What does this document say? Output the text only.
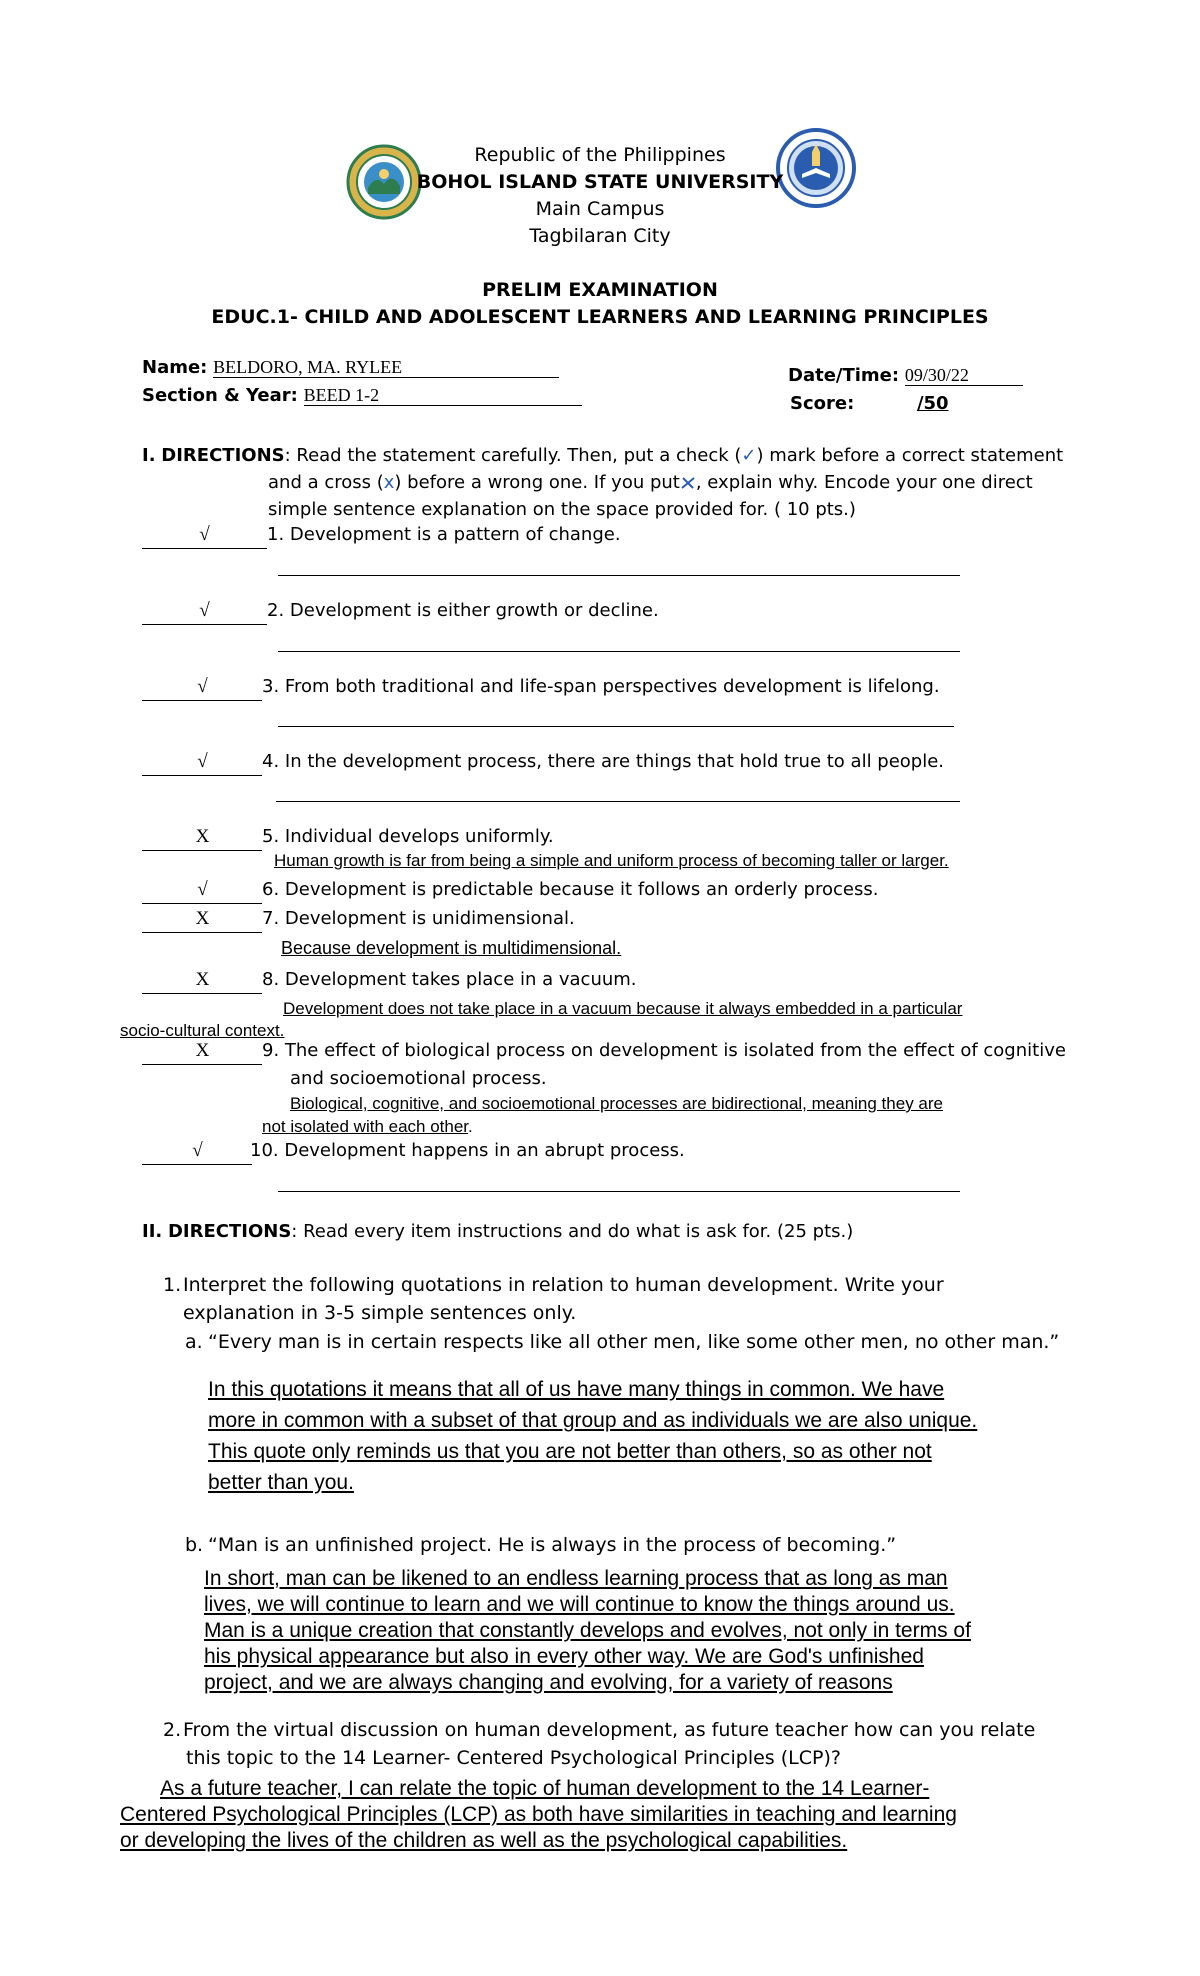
Republic of the Philippines
BOHOL ISLAND STATE UNIVERSITY
Main Campus
Tagbilaran City
PRELIM EXAMINATION
EDUC.1- CHILD AND ADOLESCENT LEARNERS AND LEARNING PRINCIPLES
Name: BELDORO, MA. RYLEE
Section & Year: BEED 1-2
Date/Time: 09/30/22
Score:	/50
I. DIRECTIONS: Read the statement carefully. Then, put a check (✓) mark before a correct statement
and a cross (x) before a wrong one. If you put , explain why. Encode your one direct
simple sentence explanation on the space provided for. ( 10 pts.)
√	1. Development is a pattern of change.
√	2. Development is either growth or decline.
√	3. From both traditional and life-span perspectives development is lifelong.
√	4. In the development process, there are things that hold true to all people.
X	5. Individual develops uniformly.
Human growth is far from being a simple and uniform process of becoming taller or larger.
√	6. Development is predictable because it follows an orderly process.
X	7. Development is unidimensional.
Because development is multidimensional.
X	8. Development takes place in a vacuum.
Development does not take place in a vacuum because it always embedded in a particular
socio-cultural context.
X	9. The effect of biological process on development is isolated from the effect of cognitive
and socioemotional process.
Biological, cognitive, and socioemotional processes are bidirectional, meaning they are
not isolated with each other.
√	10. Development happens in an abrupt process.
II. DIRECTIONS: Read every item instructions and do what is ask for. (25 pts.)
1. Interpret the following quotations in relation to human development. Write your
explanation in 3-5 simple sentences only.
a. “Every man is in certain respects like all other men, like some other men, no other man.”
In this quotations it means that all of us have many things in common. We have
more in common with a subset of that group and as individuals we are also unique.
This quote only reminds us that you are not better than others, so as other not
better than you.
b. “Man is an unfinished project. He is always in the process of becoming.”
In short, man can be likened to an endless learning process that as long as man
lives, we will continue to learn and we will continue to know the things around us.
Man is a unique creation that constantly develops and evolves, not only in terms of
his physical appearance but also in every other way. We are God's unfinished
project, and we are always changing and evolving, for a variety of reasons
2. From the virtual discussion on human development, as future teacher how can you relate
this topic to the 14 Learner- Centered Psychological Principles (LCP)?
As a future teacher, I can relate the topic of human development to the 14 Learner-
Centered Psychological Principles (LCP) as both have similarities in teaching and learning
or developing the lives of the children as well as the psychological capabilities.
